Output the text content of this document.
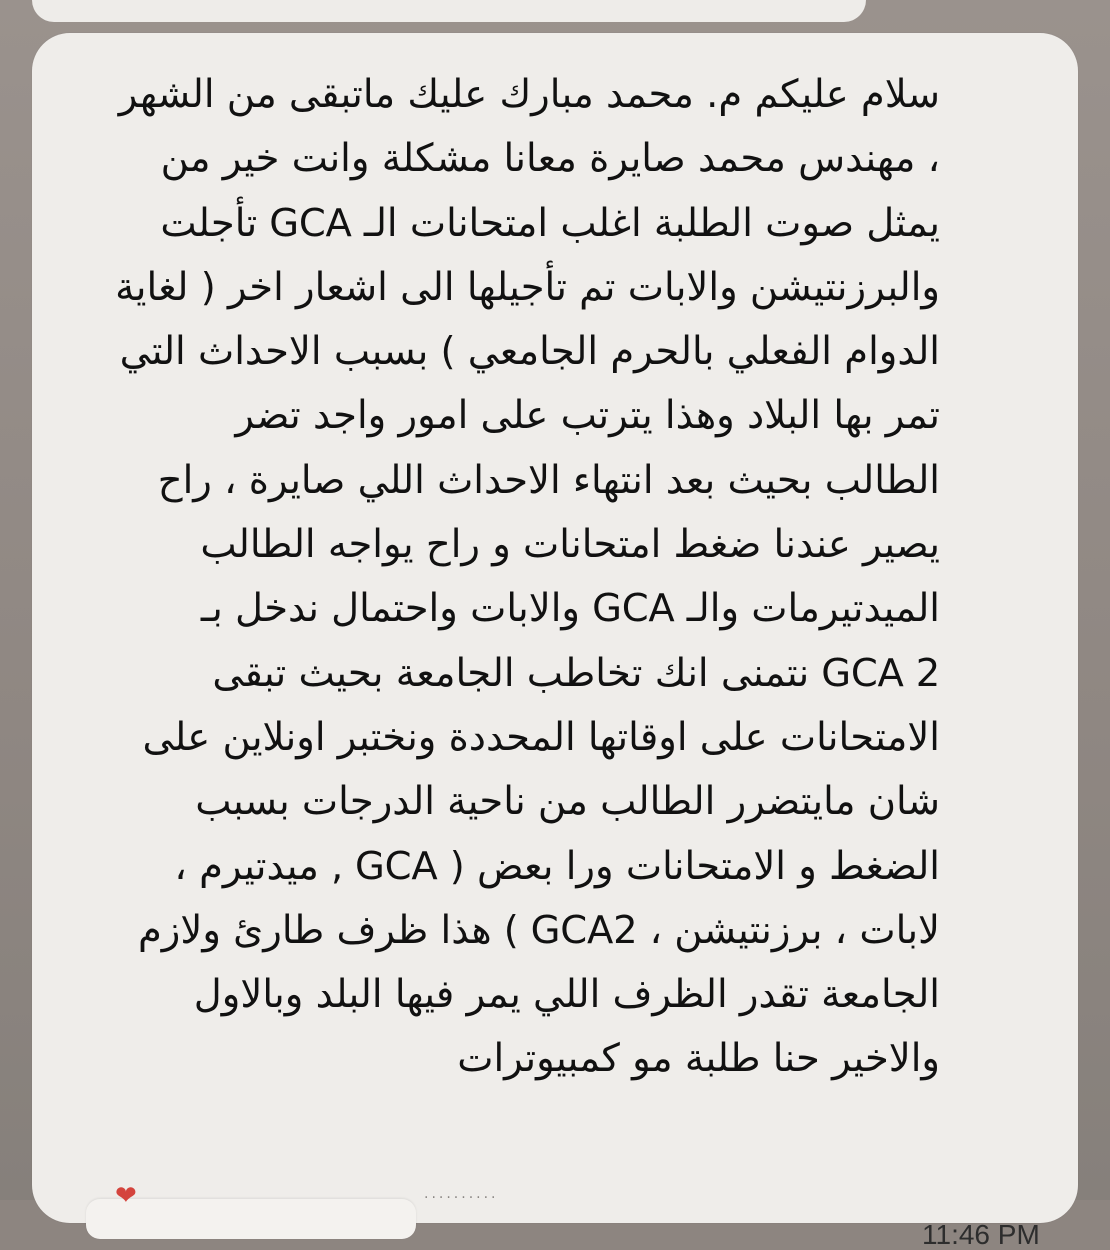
سلام عليكم م. محمد مبارك عليك ماتبقى من الشهر
، مهندس محمد صايرة معانا مشكلة وانت خير من
يمثل صوت الطلبة اغلب امتحانات الـ GCA تأجلت
والبرزنتيشن والابات تم تأجيلها الى اشعار اخر ( لغاية
الدوام الفعلي بالحرم الجامعي ) بسبب الاحداث التي
تمر بها البلاد وهذا يترتب على امور واجد تضر
الطالب بحيث بعد انتهاء الاحداث اللي صايرة ، راح
يصير عندنا ضغط امتحانات و راح يواجه الطالب
الميدتيرمات والـ GCA والابات واحتمال ندخل بـ
GCA 2 نتمنى انك تخاطب الجامعة بحيث تبقى
الامتحانات على اوقاتها المحددة ونختبر اونلاين على
شان مايتضرر الطالب من ناحية الدرجات بسبب
الضغط و الامتحانات ورا بعض ( GCA , ميدتيرم ،
لابات ، برزنتيشن ، GCA2 ) هذا ظرف طارئ ولازم
الجامعة تقدر الظرف اللي يمر فيها البلد وبالاول
والاخير حنا طلبة مو كمبيوترات
❤	··········
11:46 PM
